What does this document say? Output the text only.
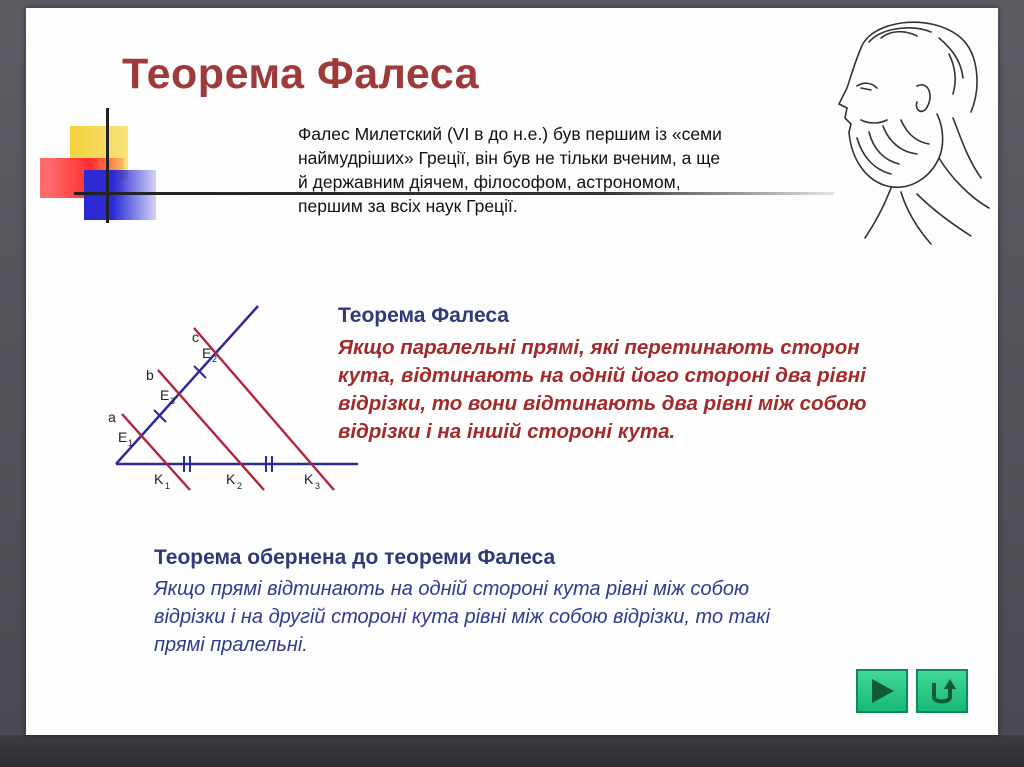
Теорема Фалеса
Фалес Милетский (VI в до н.е.) був першим із «семи
наймудріших» Греції, він був не тільки вченим, а ще
й державним діячем, філософом, астрономом,
першим за всіх наук Греції.
a
b
c
E 1
E 3
E 2
K 1	K 2	K 3
Теорема Фалеса
Якщо паралельні прямі, які перетинають сторон
кута, відтинають на одній його стороні два рівні
відрізки, то вони відтинають два рівні між собою
відрізки і на іншій стороні кута.
Теорема обернена до теореми Фалеса
Якщо прямі відтинають на одній стороні кута рівні між собою
відрізки і на другій стороні кута рівні між собою відрізки, то такі
прямі пралельні.
